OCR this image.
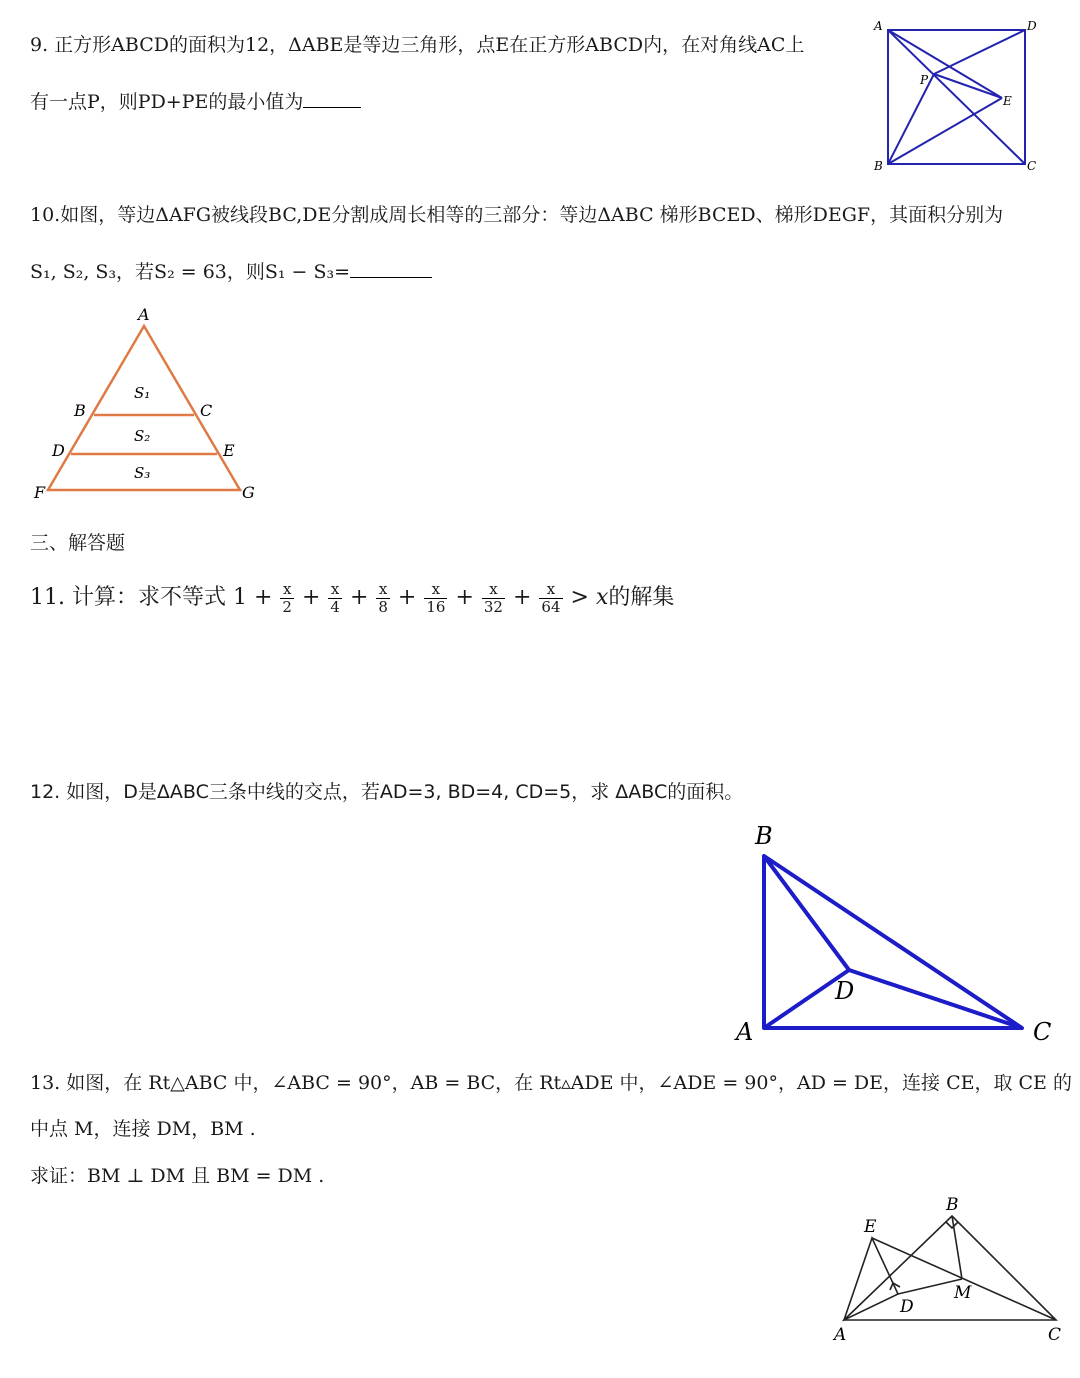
9. 正方形ABCD的面积为12，ΔABE是等边三角形，点E在正方形ABCD内，在对角线AC上
有一点P，则PD+PE的最小值为
A	D
B	C
P
E
10.如图，等边ΔAFG被线段BC,DE分割成周长相等的三部分：等边ΔABC 梯形BCED、梯形DEGF，其面积分别为
S₁, S₂, S₃，若S₂ = 63，则S₁ − S₃=
A
B	C
D	E
F	G
S₁
S₂
S₃
三、解答题
11. 计算：求不等式 $1 + \frac{x}{2} + \frac{x}{4} + \frac{x}{8} + \frac{x}{16} + \frac{x}{32} + \frac{x}{64} > x$的解集
12. 如图，D是ΔABC三条中线的交点，若AD=3, BD=4, CD=5，求 ΔABC的面积。
B
A	C
D
13. 如图，在 Rt△ABC 中，∠ABC = 90°，AB = BC，在 Rt▵ADE 中，∠ADE = 90°，AD = DE，连接 CE，取 CE 的
中点 M，连接 DM，BM .
求证：BM ⊥ DM 且 BM = DM .
B
E
A	C
D
M
